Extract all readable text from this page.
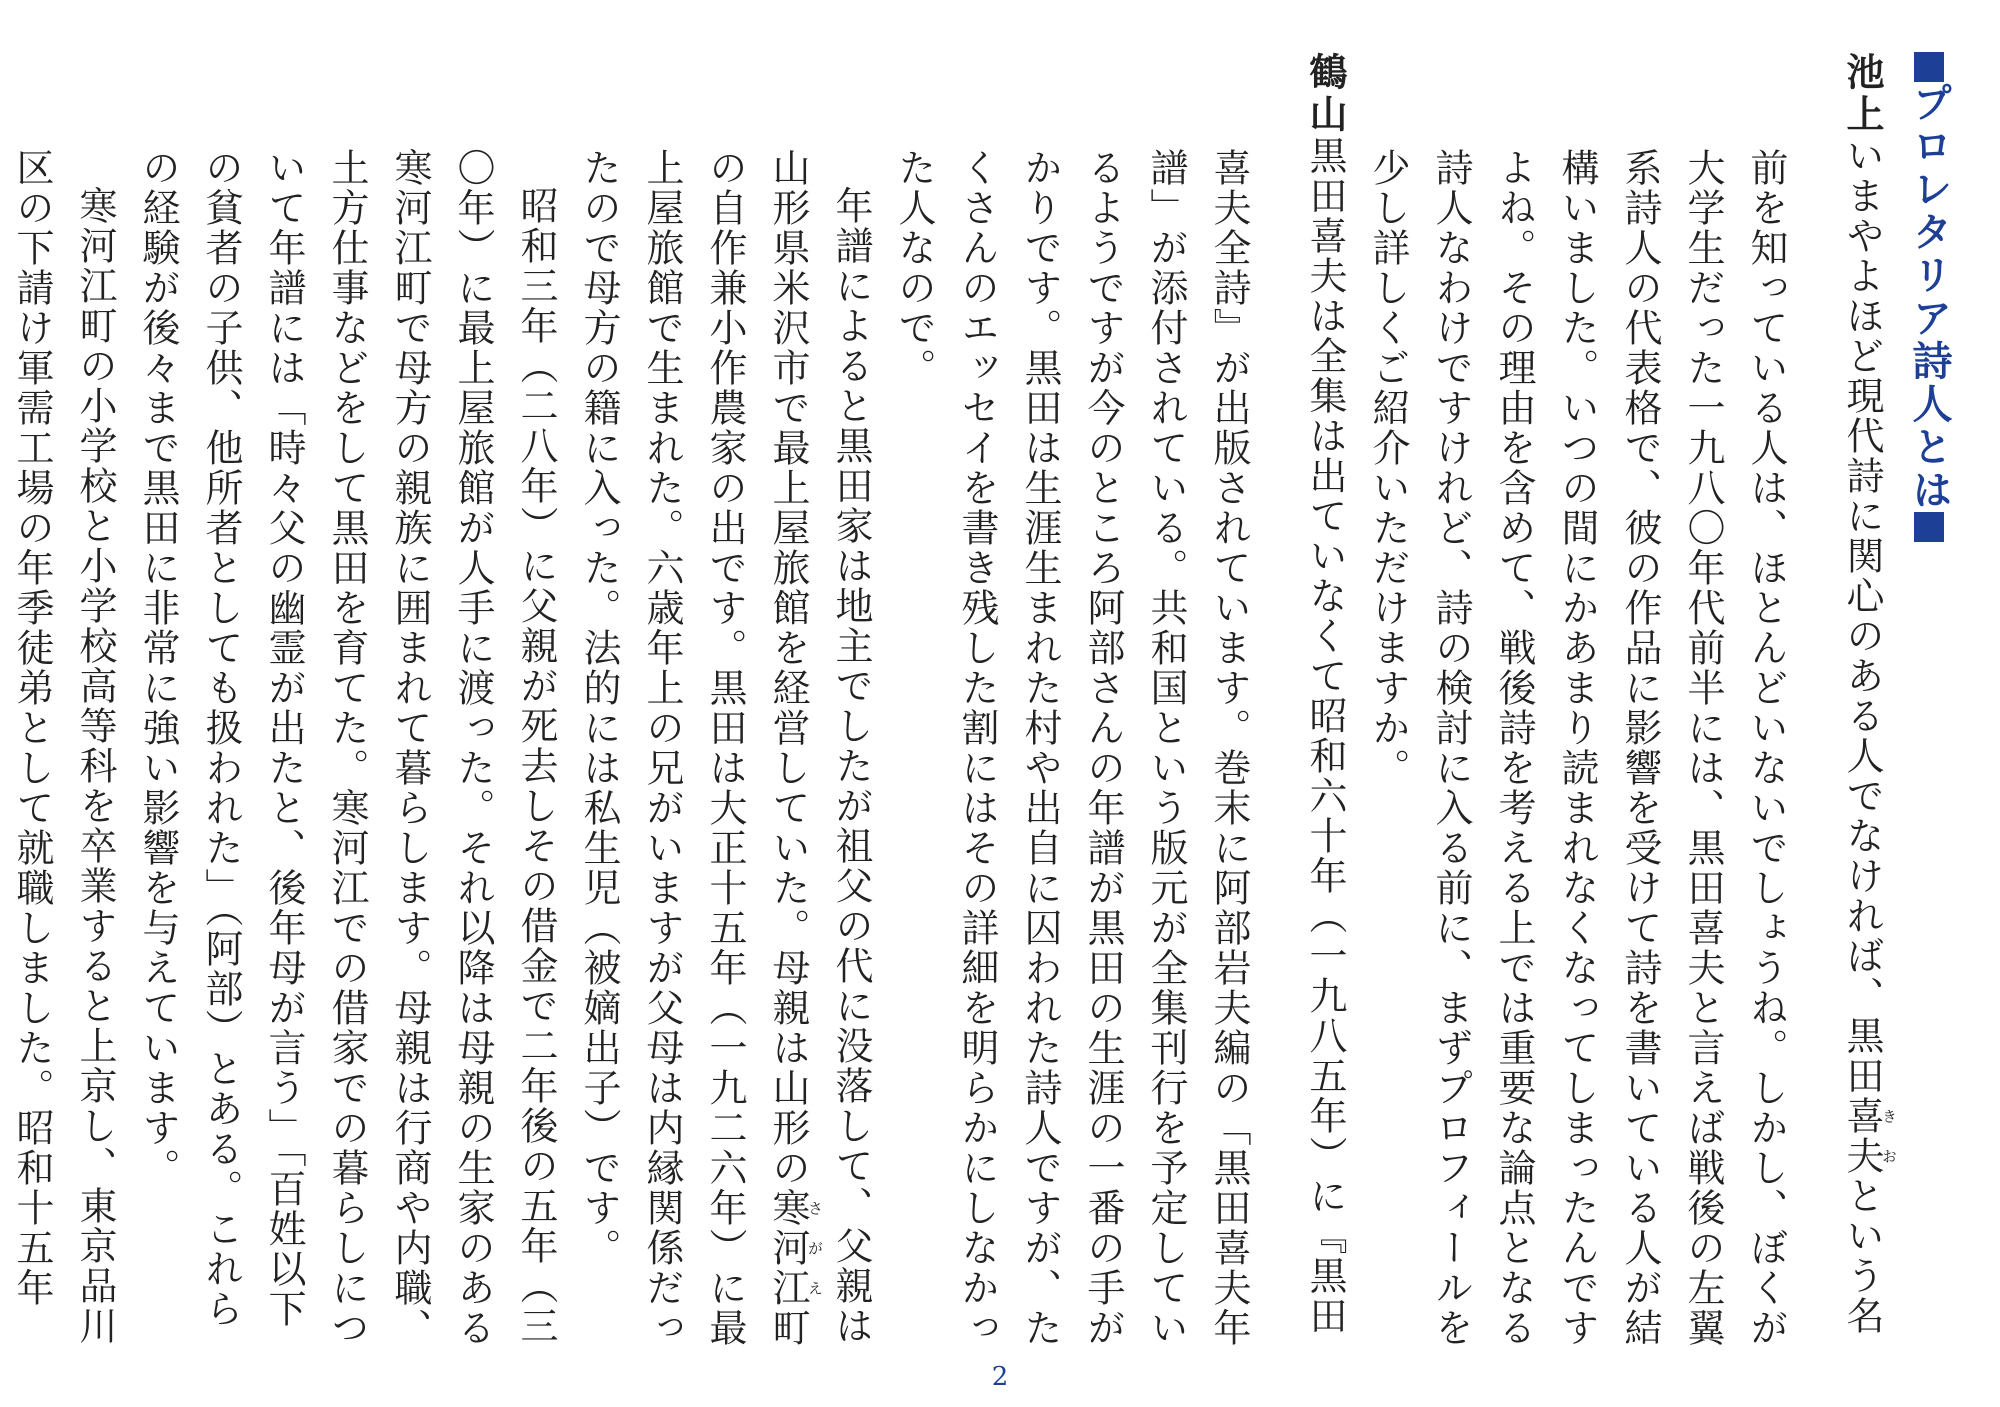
プロレタリア詩人とは

池上いまやよほど現代詩に関心のある人でなければ、黒田喜夫きおという名前を知っている人は、ほとんどいないでしょうね。しかし、ぼくが大学生だった一九八〇年代前半には、黒田喜夫と言えば戦後の左翼系詩人の代表格で、彼の作品に影響を受けて詩を書いている人が結構いました。いつの間にかあまり読まれなくなってしまったんですよね。その理由を含めて、戦後詩を考える上では重要な論点となる詩人なわけですけれど、詩の検討に入る前に、まずプロフィールを少し詳しくご紹介いただけますか。

鶴山黒田喜夫は全集は出ていなくて昭和六十年（一九八五年）に『黒田喜夫全詩』が出版されています。巻末に阿部岩夫編の「黒田喜夫年譜」が添付されている。共和国という版元が全集刊行を予定しているようですが今のところ阿部さんの年譜が黒田の生涯の一番の手がかりです。黒田は生涯生まれた村や出自に囚われた詩人ですが、たくさんのエッセイを書き残した割にはその詳細を明らかにしなかった人なので。

年譜によると黒田家は地主でしたが祖父の代に没落して、父親は山形県米沢市で最上屋旅館を経営していた。母親は山形の寒河江さがえ町の自作兼小作農家の出です。黒田は大正十五年（一九二六年）に最上屋旅館で生まれた。六歳年上の兄がいますが父母は内縁関係だったので母方の籍に入った。法的には私生児（被嫡出子）です。

昭和三年（二八年）に父親が死去しその借金で二年後の五年（三〇年）に最上屋旅館が人手に渡った。それ以降は母親の生家のある寒河江町で母方の親族に囲まれて暮らします。母親は行商や内職、土方仕事などをして黒田を育てた。寒河江での借家での暮らしについて年譜には「時々父の幽霊が出たと、後年母が言う」「百姓以下の貧者の子供、他所者としても扱われた」（阿部）とある。これらの経験が後々まで黒田に非常に強い影響を与えています。

寒河江町の小学校と小学校高等科を卒業すると上京し、東京品川区の下請け軍需工場の年季徒弟として就職しました。昭和十五年

2
